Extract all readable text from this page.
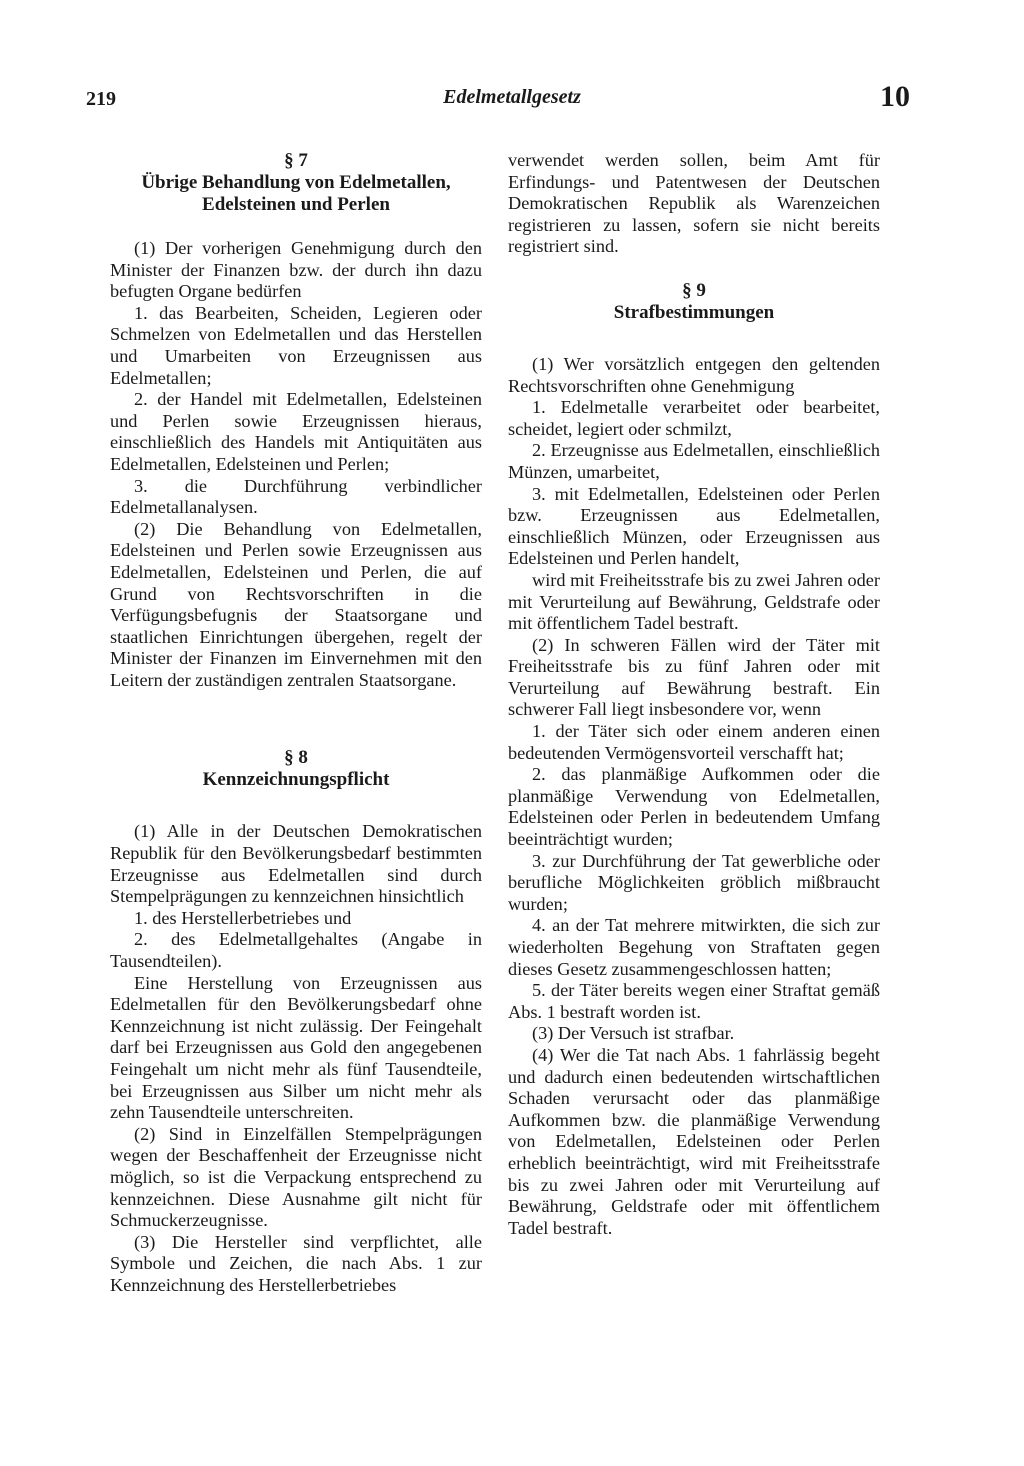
219	Edelmetallgesetz	10
§ 7
Übrige Behandlung von Edelmetallen,
Edelsteinen und Perlen

(1) Der vorherigen Genehmigung durch den Minister der Finanzen bzw. der durch ihn dazu befugten Organe bedürfen

1. das Bearbeiten, Scheiden, Legieren oder Schmelzen von Edelmetallen und das Herstellen und Umarbeiten von Erzeugnissen aus Edelmetallen;

2. der Handel mit Edelmetallen, Edelsteinen und Perlen sowie Erzeugnissen hieraus, einschließlich des Handels mit Antiquitäten aus Edelmetallen, Edelsteinen und Perlen;

3. die Durchführung verbindlicher Edelmetallanalysen.

(2) Die Behandlung von Edelmetallen, Edelsteinen und Perlen sowie Erzeugnissen aus Edelmetallen, Edelsteinen und Perlen, die auf Grund von Rechtsvorschriften in die Verfügungsbefugnis der Staatsorgane und staatlichen Einrichtungen übergehen, regelt der Minister der Finanzen im Einvernehmen mit den Leitern der zuständigen zentralen Staatsorgane.

§ 8
Kennzeichnungspflicht

(1) Alle in der Deutschen Demokratischen Republik für den Bevölkerungsbedarf bestimmten Erzeugnisse aus Edelmetallen sind durch Stempelprägungen zu kennzeichnen hinsichtlich

1. des Herstellerbetriebes und

2. des Edelmetallgehaltes (Angabe in Tausendteilen).

Eine Herstellung von Erzeugnissen aus Edelmetallen für den Bevölkerungsbedarf ohne Kennzeichnung ist nicht zulässig. Der Feingehalt darf bei Erzeugnissen aus Gold den angegebenen Feingehalt um nicht mehr als fünf Tausendteile, bei Erzeugnissen aus Silber um nicht mehr als zehn Tausendteile unterschreiten.

(2) Sind in Einzelfällen Stempelprägungen wegen der Beschaffenheit der Erzeugnisse nicht möglich, so ist die Verpackung entsprechend zu kennzeichnen. Diese Ausnahme gilt nicht für Schmuckerzeugnisse.

(3) Die Hersteller sind verpflichtet, alle Symbole und Zeichen, die nach Abs. 1 zur Kennzeichnung des Herstellerbetriebes

verwendet werden sollen, beim Amt für Erfindungs- und Patentwesen der Deutschen Demokratischen Republik als Warenzeichen registrieren zu lassen, sofern sie nicht bereits registriert sind.

§ 9
Strafbestimmungen

(1) Wer vorsätzlich entgegen den geltenden Rechtsvorschriften ohne Genehmigung

1. Edelmetalle verarbeitet oder bearbeitet, scheidet, legiert oder schmilzt,

2. Erzeugnisse aus Edelmetallen, einschließlich Münzen, umarbeitet,

3. mit Edelmetallen, Edelsteinen oder Perlen bzw. Erzeugnissen aus Edelmetallen, einschließlich Münzen, oder Erzeugnissen aus Edelsteinen und Perlen handelt,

wird mit Freiheitsstrafe bis zu zwei Jahren oder mit Verurteilung auf Bewährung, Geldstrafe oder mit öffentlichem Tadel bestraft.

(2) In schweren Fällen wird der Täter mit Freiheitsstrafe bis zu fünf Jahren oder mit Verurteilung auf Bewährung bestraft. Ein schwerer Fall liegt insbesondere vor, wenn

1. der Täter sich oder einem anderen einen bedeutenden Vermögensvorteil verschafft hat;

2. das planmäßige Aufkommen oder die planmäßige Verwendung von Edelmetallen, Edelsteinen oder Perlen in bedeutendem Umfang beeinträchtigt wurden;

3. zur Durchführung der Tat gewerbliche oder berufliche Möglichkeiten gröblich mißbraucht wurden;

4. an der Tat mehrere mitwirkten, die sich zur wiederholten Begehung von Straftaten gegen dieses Gesetz zusammengeschlossen hatten;

5. der Täter bereits wegen einer Straftat gemäß Abs. 1 bestraft worden ist.

(3) Der Versuch ist strafbar.

(4) Wer die Tat nach Abs. 1 fahrlässig begeht und dadurch einen bedeutenden wirtschaftlichen Schaden verursacht oder das planmäßige Aufkommen bzw. die planmäßige Verwendung von Edelmetallen, Edelsteinen oder Perlen erheblich beeinträchtigt, wird mit Freiheitsstrafe bis zu zwei Jahren oder mit Verurteilung auf Bewährung, Geldstrafe oder mit öffentlichem Tadel bestraft.
